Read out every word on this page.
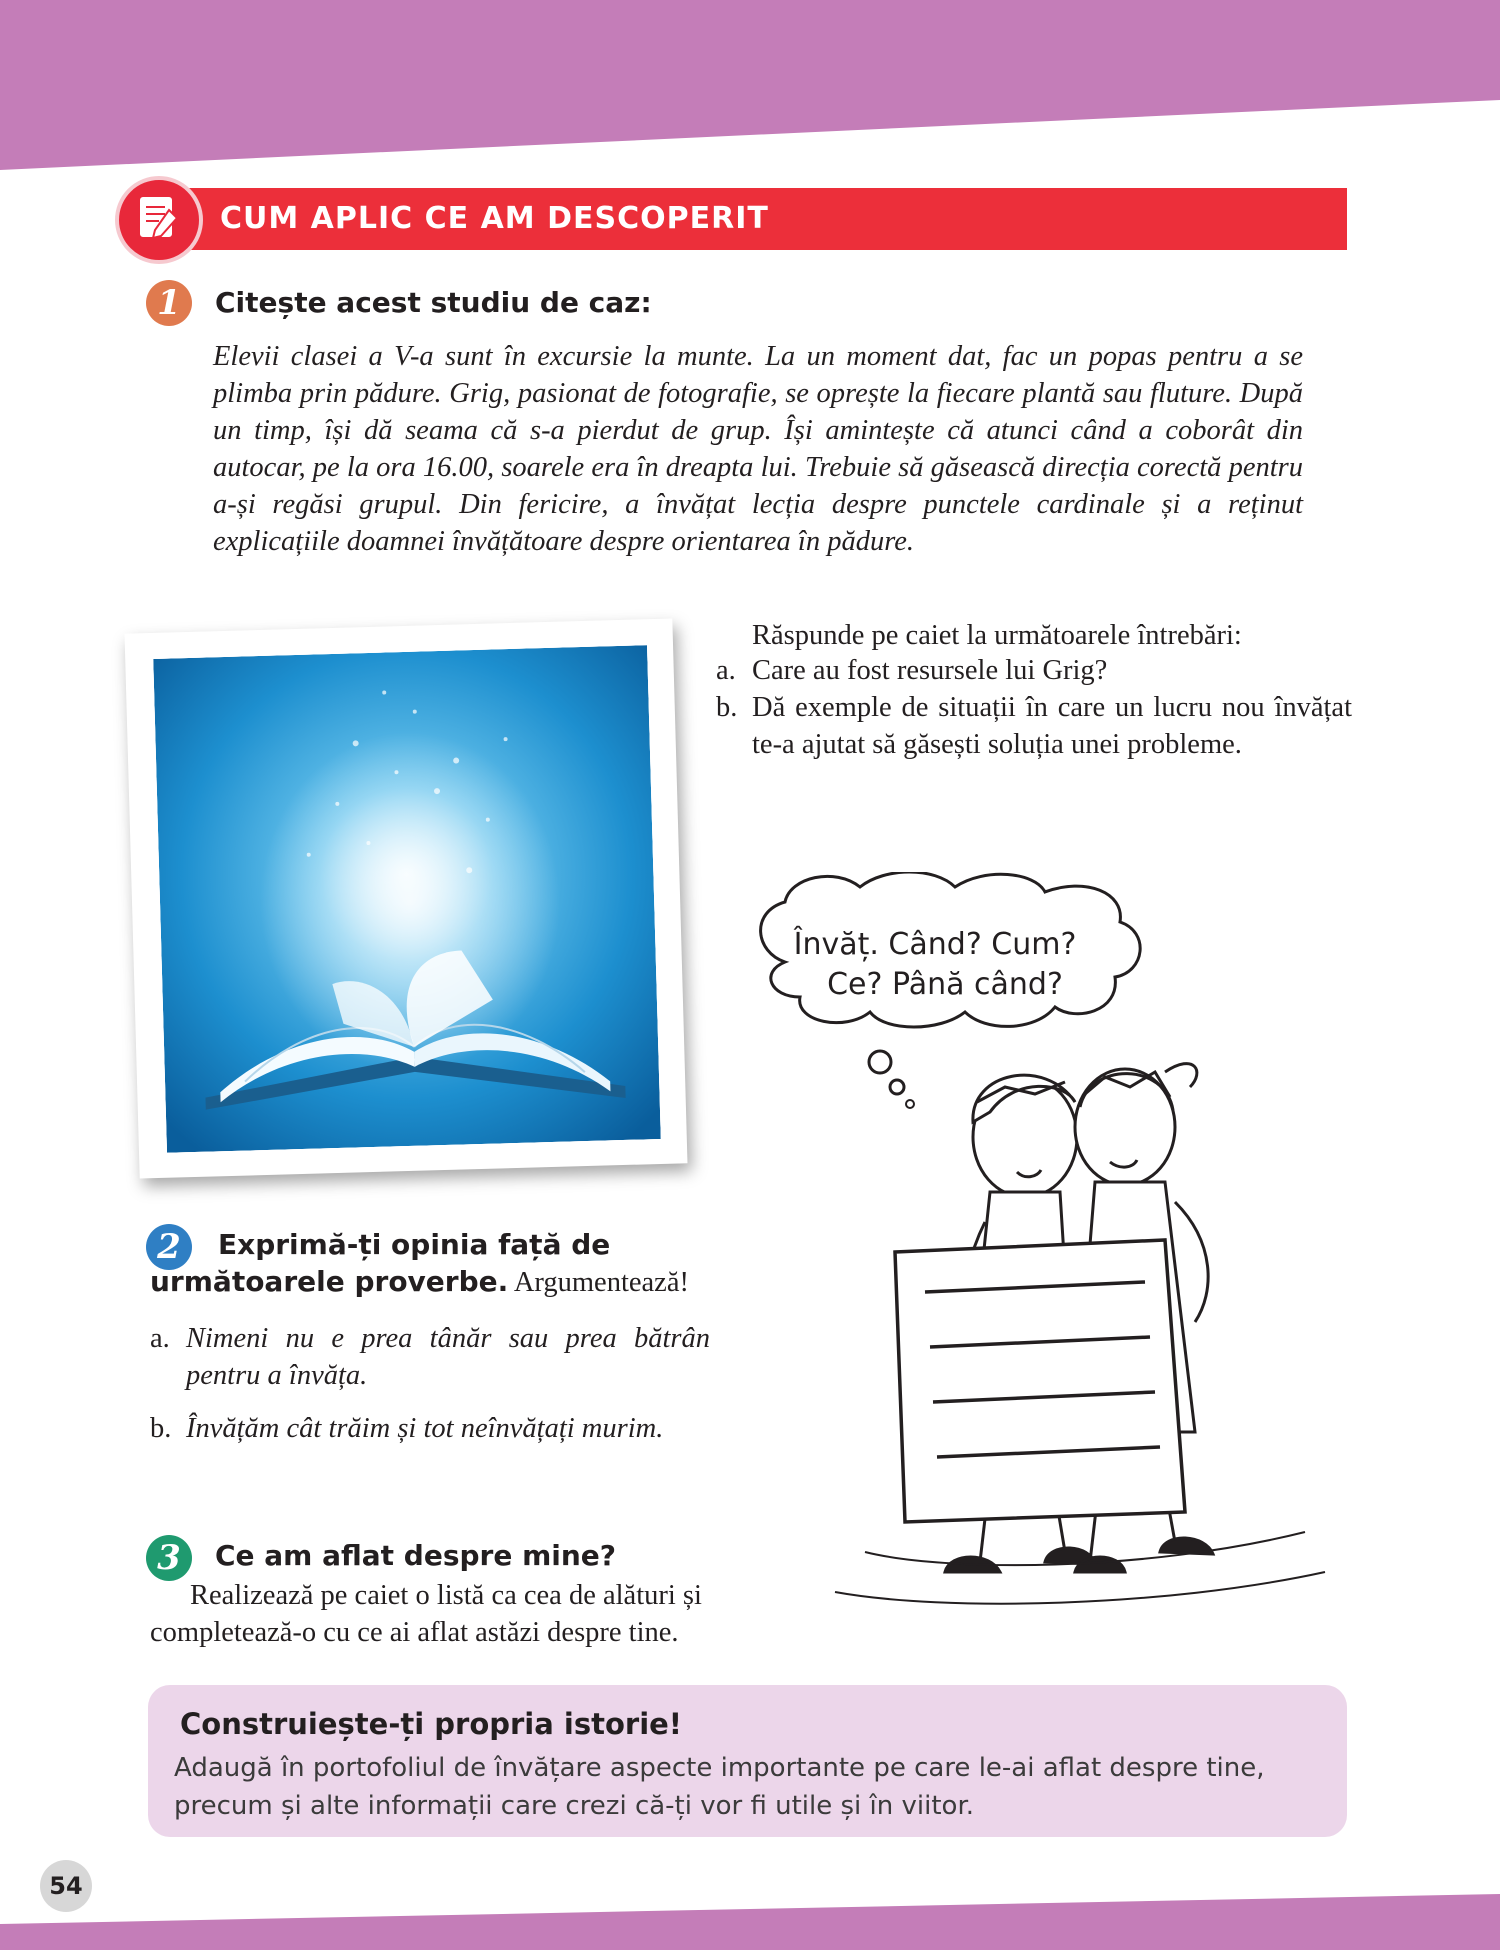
CUM APLIC CE AM DESCOPERIT
1	Citește acest studiu de caz:

Elevii clasei a V-a sunt în excursie la munte. La un moment dat, fac un popas pentru a se plimba prin pădure. Grig, pasionat de fotografie, se oprește la fiecare plantă sau fluture. După un timp, își dă seama că s-a pierdut de grup. Își amintește că atunci când a coborât din autocar, pe la ora 16.00, soarele era în dreapta lui. Trebuie să găsească direcția corectă pentru a-și regăsi grupul. Din fericire, a învățat lecția despre punctele cardinale și a reținut explicațiile doamnei învățătoare despre orientarea în pădure.

Răspunde pe caiet la următoarele întrebări:
a. Care au fost resursele lui Grig?
b. Dă exemple de situații în care un lucru nou învățat te-a ajutat să găsești soluția unei probleme.
2	Exprimă-ți opinia față de următoarele proverbe. Argumentează!
a. Nimeni nu e prea tânăr sau prea bătrân pentru a învăța.
b. Învățăm cât trăim și tot neînvățați murim.
3	Ce am aflat despre mine?
Realizează pe caiet o listă ca cea de alături și completează-o cu ce ai aflat astăzi despre tine.
Învăț. Când? Cum?
Ce? Până când?
Construiește-ți propria istorie!
Adaugă în portofoliul de învățare aspecte importante pe care le-ai aflat despre tine, precum și alte informații care crezi că-ți vor fi utile și în viitor.
54
